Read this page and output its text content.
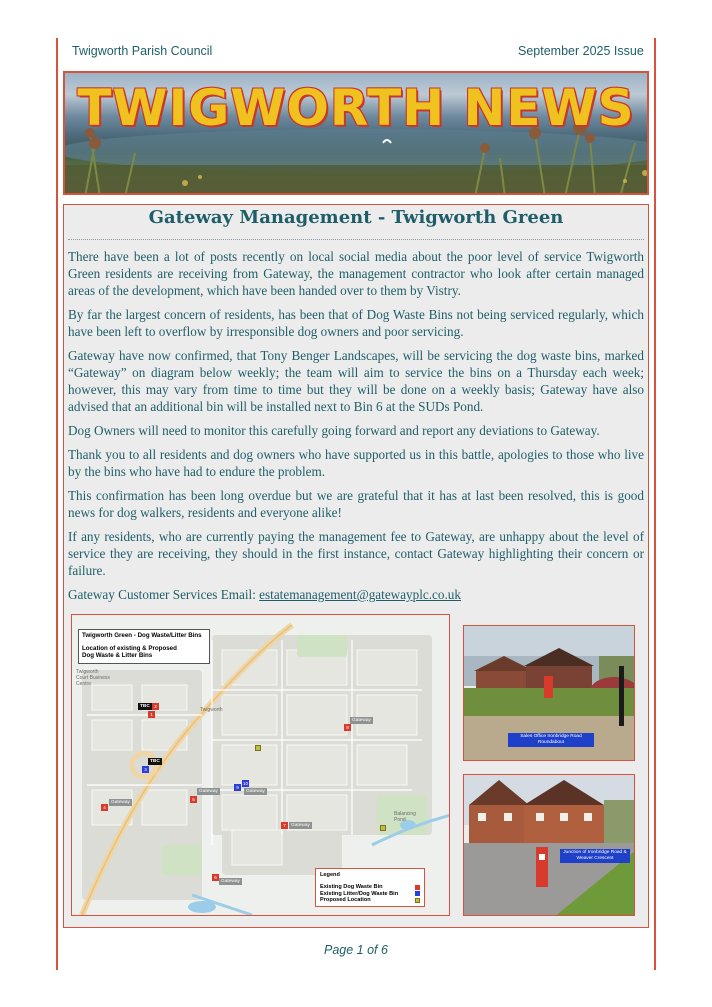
Twigworth Parish Council	September 2025 Issue
TWIGWORTH NEWS
Gateway Management - Twigworth Green

There have been a lot of posts recently on local social media about the poor level of service Twigworth Green residents are receiving from Gateway, the management contractor who look after certain managed areas of the development, which have been handed over to them by Vistry.

By far the largest concern of residents, has been that of Dog Waste Bins not being serviced regularly, which have been left to overflow by irresponsible dog owners and poor servicing.

Gateway have now confirmed, that Tony Benger Landscapes, will be servicing the dog waste bins, marked “Gateway” on diagram below weekly; the team will aim to service the bins on a Thursday each week; however, this may vary from time to time but they will be done on a weekly basis; Gateway have also advised that an additional bin will be installed next to Bin 6 at the SUDs Pond.

Dog Owners will need to monitor this carefully going forward and report any deviations to Gateway.

Thank you to all residents and dog owners who have supported us in this battle, apologies to those who live by the bins who have had to endure the problem.

This confirmation has been long overdue but we are grateful that it has at last been resolved, this is good news for dog walkers, residents and everyone alike!

If any residents, who are currently paying the management fee to Gateway, are unhappy about the level of service they are receiving, they should in the first instance, contact Gateway highlighting their concern or failure.

Gateway Customer Services Email: estatemanagement@gatewayplc.co.uk

Twigworth Green - Dog Waste/Litter Bins
Location of existing & Proposed
Dog Waste & Litter Bins
Twigworth Court Business Centre
Twigworth
Balancing Pond
TBC 2
1
TBC
3
4
Gateway
5
Gateway
9
10
Gateway
8
Gateway
7	Gateway
6
Gateway
Legend
Existing Dog Waste Bin
Existing Litter/Dog Waste Bin
Proposed Location
Sales Office Ironbridge Road Roundabout
Junction of Ironbridge Road & Weaver Crescent
Page 1 of 6
